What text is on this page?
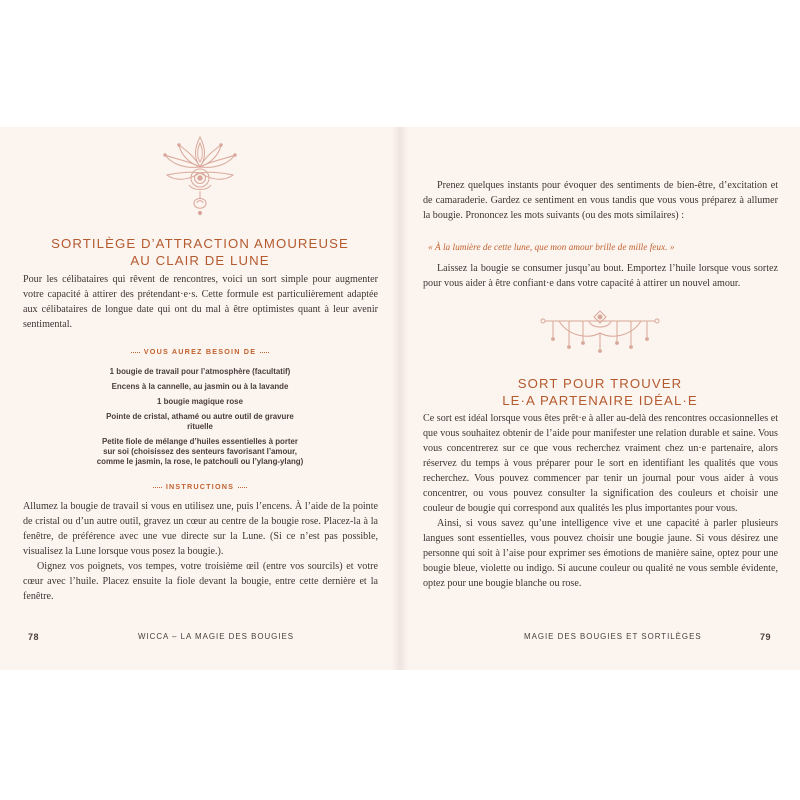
SORTILÈGE D’ATTRACTION AMOUREUSE
AU CLAIR DE LUNE

Pour les célibataires qui rêvent de rencontres, voici un sort simple pour augmenter votre capacité à attirer des prétendant·e·s. Cette formule est particulièrement adaptée aux célibataires de longue date qui ont du mal à être optimistes quant à leur avenir sentimental.

VOUS AUREZ BESOIN DE
1 bougie de travail pour l’atmosphère (facultatif)
Encens à la cannelle, au jasmin ou à la lavande
1 bougie magique rose
Pointe de cristal, athamé ou autre outil de gravure rituelle
Petite fiole de mélange d’huiles essentielles à porter sur soi (choisissez des senteurs favorisant l’amour, comme le jasmin, la rose, le patchouli ou l’ylang-ylang)
INSTRUCTIONS

Allumez la bougie de travail si vous en utilisez une, puis l’encens. À l’aide de la pointe de cristal ou d’un autre outil, gravez un cœur au centre de la bougie rose. Placez-la à la fenêtre, de préférence avec une vue directe sur la Lune. (Si ce n’est pas possible, visualisez la Lune lorsque vous posez la bougie.).

Oignez vos poignets, vos tempes, votre troisième œil (entre vos sourcils) et votre cœur avec l’huile. Placez ensuite la fiole devant la bougie, entre cette dernière et la fenêtre.

78	WICCA – LA MAGIE DES BOUGIES

Prenez quelques instants pour évoquer des sentiments de bien-être, d’excitation et de camaraderie. Gardez ce sentiment en vous tandis que vous vous préparez à allumer la bougie. Prononcez les mots suivants (ou des mots similaires) :

« À la lumière de cette lune, que mon amour brille de mille feux. »

Laissez la bougie se consumer jusqu’au bout. Emportez l’huile lorsque vous sortez pour vous aider à être confiant·e dans votre capacité à attirer un nouvel amour.

SORT POUR TROUVER
LE·A PARTENAIRE IDÉAL·E

Ce sort est idéal lorsque vous êtes prêt·e à aller au-delà des rencontres occasionnelles et que vous souhaitez obtenir de l’aide pour manifester une relation durable et saine. Vous vous concentrerez sur ce que vous recherchez vraiment chez un·e partenaire, alors réservez du temps à vous préparer pour le sort en identifiant les qualités que vous recherchez. Vous pouvez commencer par tenir un journal pour vous aider à vous concentrer, ou vous pouvez consulter la signification des couleurs et choisir une couleur de bougie qui correspond aux qualités les plus importantes pour vous.

Ainsi, si vous savez qu’une intelligence vive et une capacité à parler plusieurs langues sont essentielles, vous pouvez choisir une bougie jaune. Si vous désirez une personne qui soit à l’aise pour exprimer ses émotions de manière saine, optez pour une bougie bleue, violette ou indigo. Si aucune couleur ou qualité ne vous semble évidente, optez pour une bougie blanche ou rose.

MAGIE DES BOUGIES ET SORTILÈGES	79
